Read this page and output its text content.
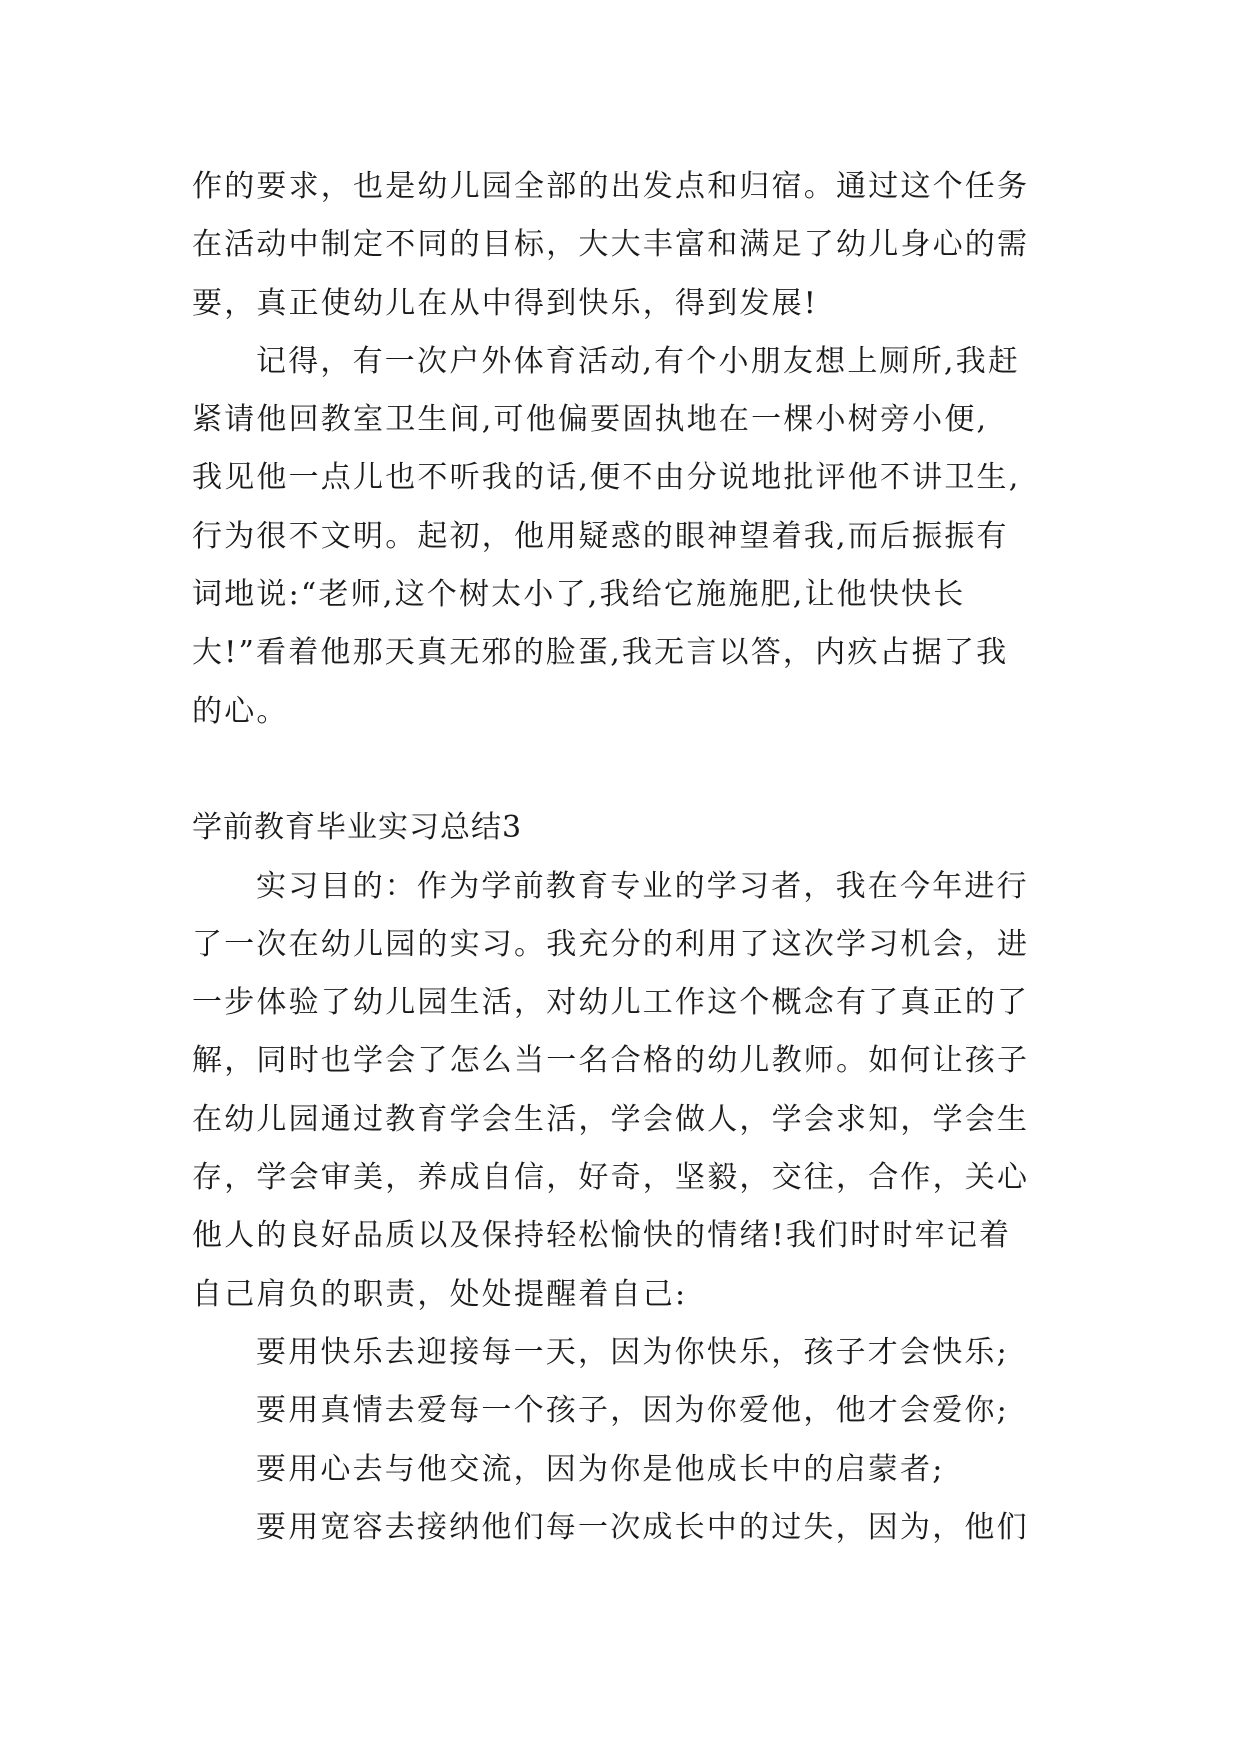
作的要求，也是幼儿园全部的出发点和归宿。通过这个任务
在活动中制定不同的目标，大大丰富和满足了幼儿身心的需
要，真正使幼儿在从中得到快乐，得到发展!
记得，有一次户外体育活动,有个小朋友想上厕所,我赶
紧请他回教室卫生间,可他偏要固执地在一棵小树旁小便,
我见他一点儿也不听我的话,便不由分说地批评他不讲卫生,
行为很不文明。起初，他用疑惑的眼神望着我,而后振振有
词地说:“老师,这个树太小了,我给它施施肥,让他快快长
大!”看着他那天真无邪的脸蛋,我无言以答，内疚占据了我
的心。
学前教育毕业实习总结3
实习目的：作为学前教育专业的学习者，我在今年进行
了一次在幼儿园的实习。我充分的利用了这次学习机会，进
一步体验了幼儿园生活，对幼儿工作这个概念有了真正的了
解，同时也学会了怎么当一名合格的幼儿教师。如何让孩子
在幼儿园通过教育学会生活，学会做人，学会求知，学会生
存，学会审美，养成自信，好奇，坚毅，交往，合作，关心
他人的良好品质以及保持轻松愉快的情绪!我们时时牢记着
自己肩负的职责，处处提醒着自己:
要用快乐去迎接每一天，因为你快乐，孩子才会快乐;
要用真情去爱每一个孩子，因为你爱他，他才会爱你;
要用心去与他交流，因为你是他成长中的启蒙者;
要用宽容去接纳他们每一次成长中的过失，因为，他们
